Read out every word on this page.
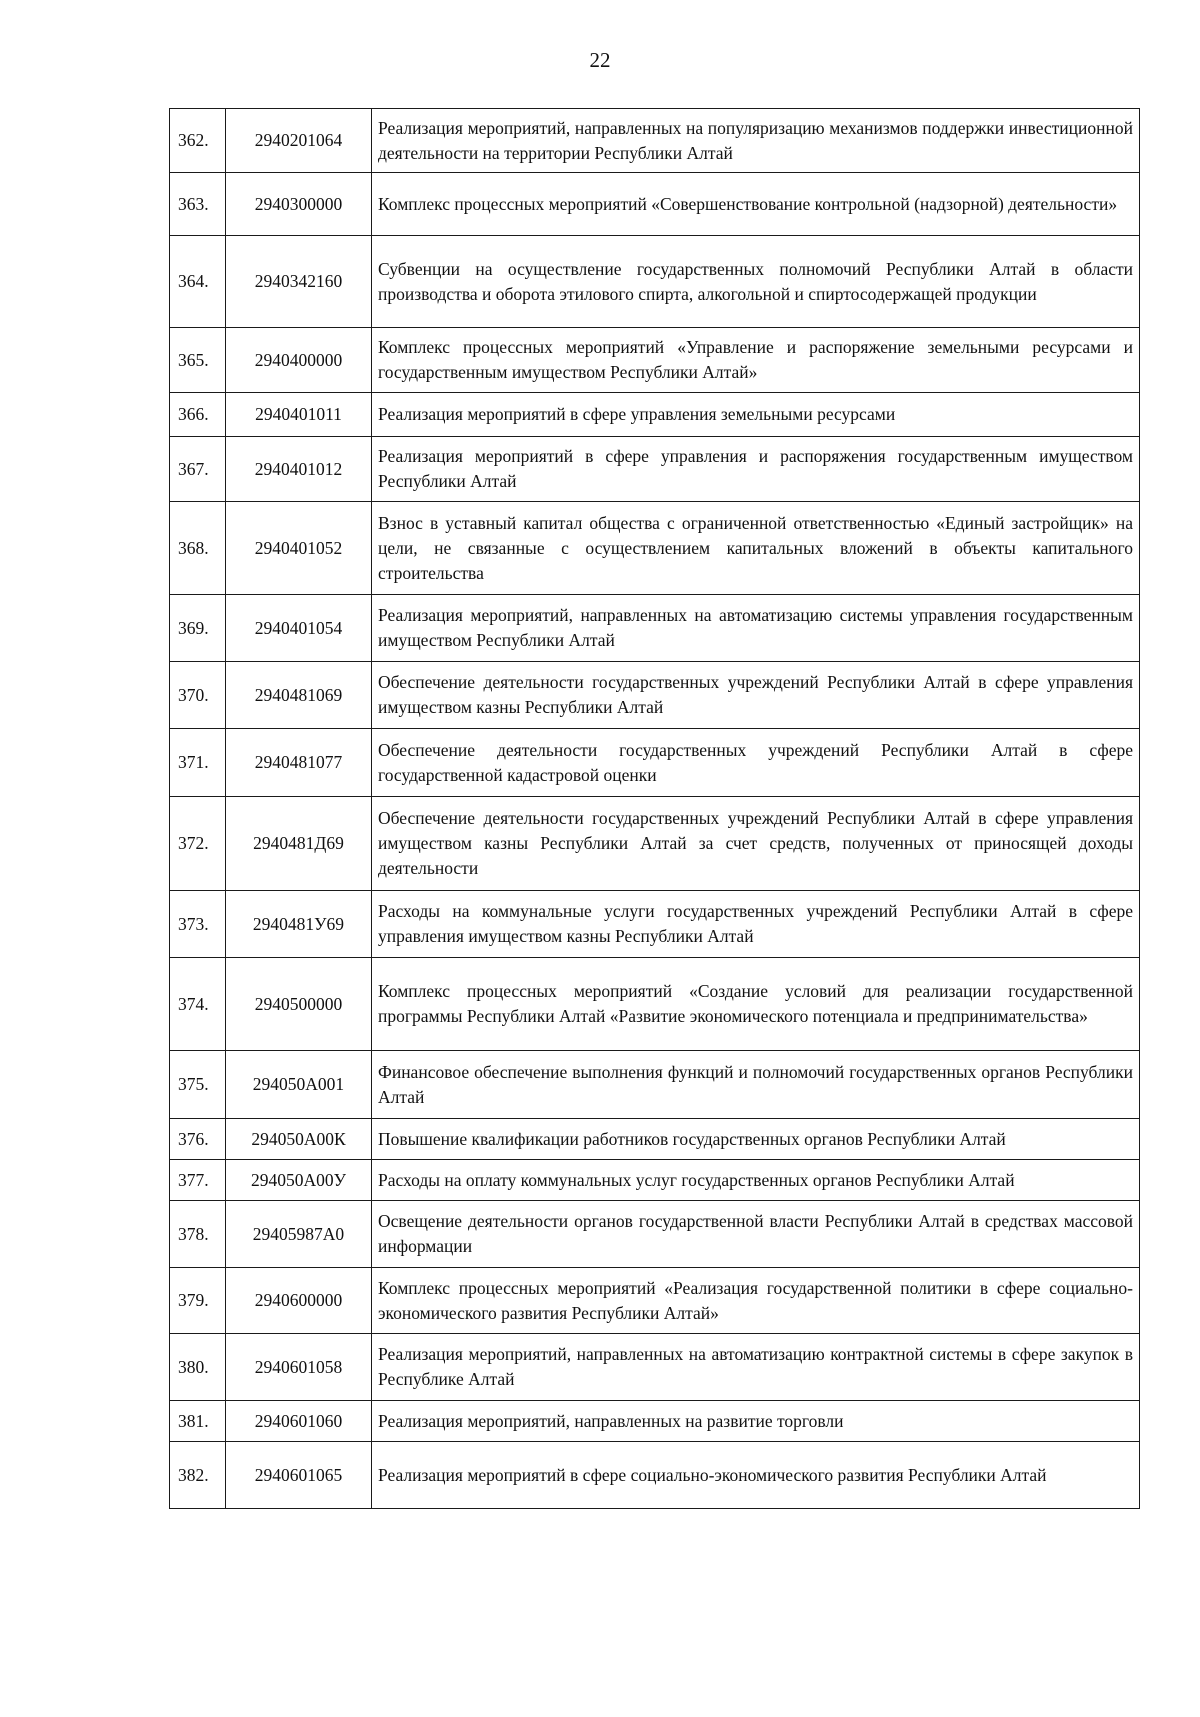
22
362.	2940201064	Реализация мероприятий, направленных на популяризацию механизмов поддержки инвестиционной деятельности на территории Республики Алтай
363.	2940300000	Комплекс процессных мероприятий «Совершенствование контрольной (надзорной) деятельности»
364.	2940342160	Субвенции на осуществление государственных полномочий Республики Алтай в области производства и оборота этилового спирта, алкогольной и спиртосодержащей продукции
365.	2940400000	Комплекс процессных мероприятий «Управление и распоряжение земельными ресурсами и государственным имуществом Республики Алтай»
366.	2940401011	Реализация мероприятий в сфере управления земельными ресурсами
367.	2940401012	Реализация мероприятий в сфере управления и распоряжения государственным имуществом Республики Алтай
368.	2940401052	Взнос в уставный капитал общества с ограниченной ответственностью «Единый застройщик» на цели, не связанные с осуществлением капитальных вложений в объекты капитального строительства
369.	2940401054	Реализация мероприятий, направленных на автоматизацию системы управления государственным имуществом Республики Алтай
370.	2940481069	Обеспечение деятельности государственных учреждений Республики Алтай в сфере управления имуществом казны Республики Алтай
371.	2940481077	Обеспечение деятельности государственных учреждений Республики Алтай в сфере государственной кадастровой оценки
372.	2940481Д69	Обеспечение деятельности государственных учреждений Республики Алтай в сфере управления имуществом казны Республики Алтай за счет средств, полученных от приносящей доходы деятельности
373.	2940481У69	Расходы на коммунальные услуги государственных учреждений Республики Алтай в сфере управления имуществом казны Республики Алтай
374.	2940500000	Комплекс процессных мероприятий «Создание условий для реализации государственной программы Республики Алтай «Развитие экономического потенциала и предпринимательства»
375.	294050А001	Финансовое обеспечение выполнения функций и полномочий государственных органов Республики Алтай
376.	294050А00К	Повышение квалификации работников государственных органов Республики Алтай
377.	294050А00У	Расходы на оплату коммунальных услуг государственных органов Республики Алтай
378.	29405987А0	Освещение деятельности органов государственной власти Республики Алтай в средствах массовой информации
379.	2940600000	Комплекс процессных мероприятий «Реализация государственной политики в сфере социально-экономического развития Республики Алтай»
380.	2940601058	Реализация мероприятий, направленных на автоматизацию контрактной системы в сфере закупок в Республике Алтай
381.	2940601060	Реализация мероприятий, направленных на развитие торговли
382.	2940601065	Реализация мероприятий в сфере социально-экономического развития Республики Алтай
